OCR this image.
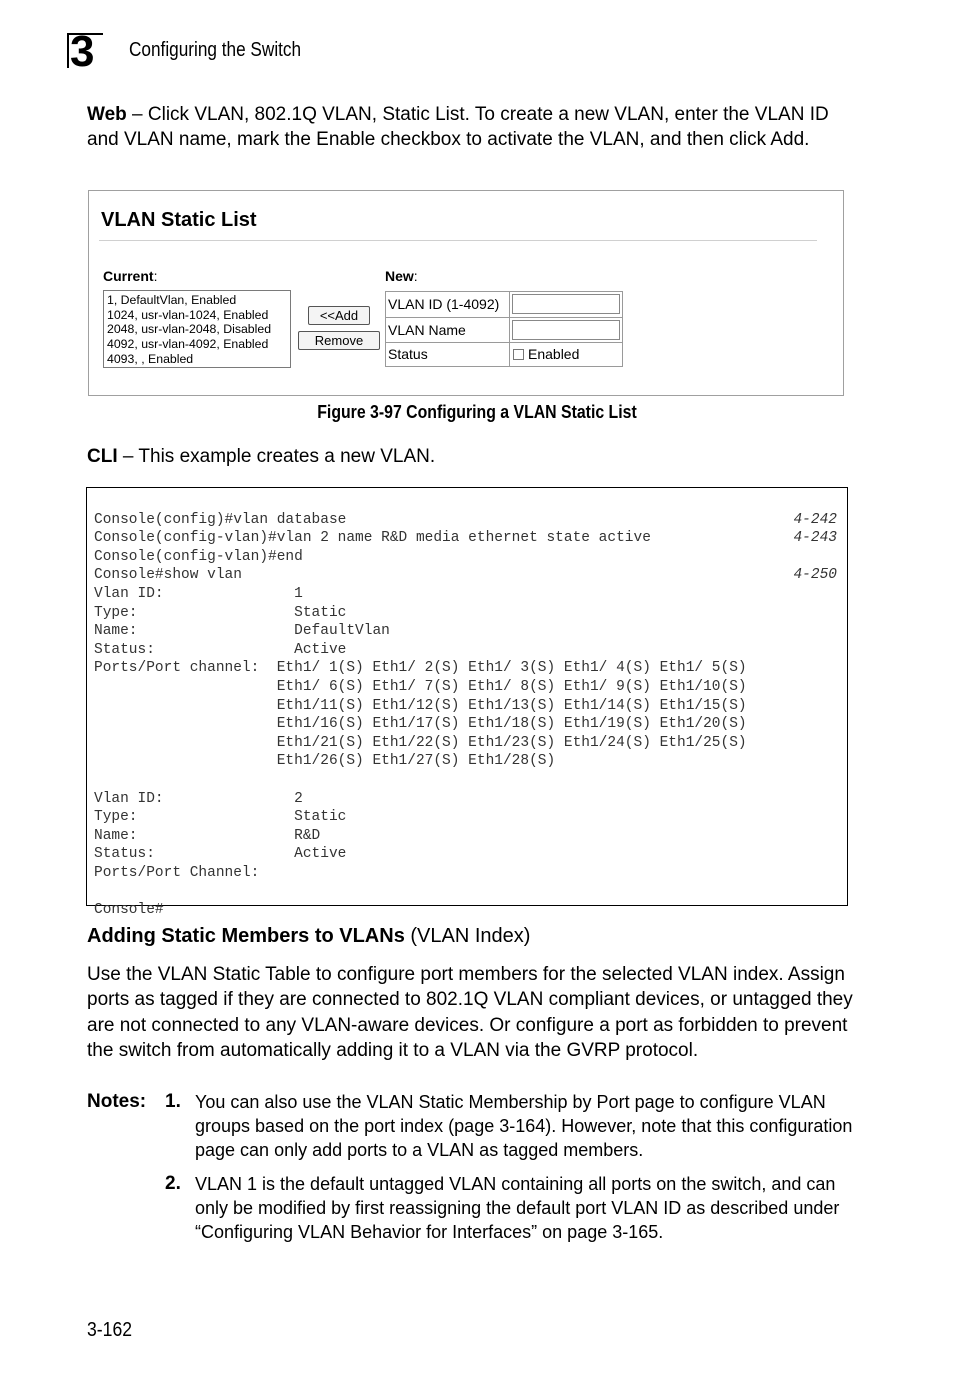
3 Configuring the Switch
Web – Click VLAN, 802.1Q VLAN, Static List. To create a new VLAN, enter the VLAN ID and VLAN name, mark the Enable checkbox to activate the VLAN, and then click Add.
VLAN Static List
Current:
1, DefaultVlan, Enabled
1024, usr-vlan-1024, Enabled
2048, usr-vlan-2048, Disabled
4092, usr-vlan-4092, Enabled
4093, , Enabled
<<Add
Remove
New:
VLAN ID (1-4092)
VLAN Name
Status	Enabled
Figure 3-97 Configuring a VLAN Static List
CLI – This example creates a new VLAN.

Console(config)#vlan database
Console(config-vlan)#vlan 2 name R&D media ethernet state active
Console(config-vlan)#end
Console#show vlan
Vlan ID:               1
Type:                  Static
Name:                  DefaultVlan
Status:                Active
Ports/Port channel:  Eth1/ 1(S) Eth1/ 2(S) Eth1/ 3(S) Eth1/ 4(S) Eth1/ 5(S)
Eth1/ 6(S) Eth1/ 7(S) Eth1/ 8(S) Eth1/ 9(S) Eth1/10(S)
Eth1/11(S) Eth1/12(S) Eth1/13(S) Eth1/14(S) Eth1/15(S)
Eth1/16(S) Eth1/17(S) Eth1/18(S) Eth1/19(S) Eth1/20(S)
Eth1/21(S) Eth1/22(S) Eth1/23(S) Eth1/24(S) Eth1/25(S)
Eth1/26(S) Eth1/27(S) Eth1/28(S)
Vlan ID:               2
Type:                  Static
Name:                  R&D
Status:                Active
Ports/Port Channel:
Console#

4-242
4-243
4-250

Adding Static Members to VLANs (VLAN Index)
Use the VLAN Static Table to configure port members for the selected VLAN index. Assign ports as tagged if they are connected to 802.1Q VLAN compliant devices, or untagged they are not connected to any VLAN-aware devices. Or configure a port as forbidden to prevent the switch from automatically adding it to a VLAN via the GVRP protocol.
Notes: 1. You can also use the VLAN Static Membership by Port page to configure VLAN groups based on the port index (page 3-164). However, note that this configuration page can only add ports to a VLAN as tagged members.
2. VLAN 1 is the default untagged VLAN containing all ports on the switch, and can only be modified by first reassigning the default port VLAN ID as described under “Configuring VLAN Behavior for Interfaces” on page 3-165.
3-162
